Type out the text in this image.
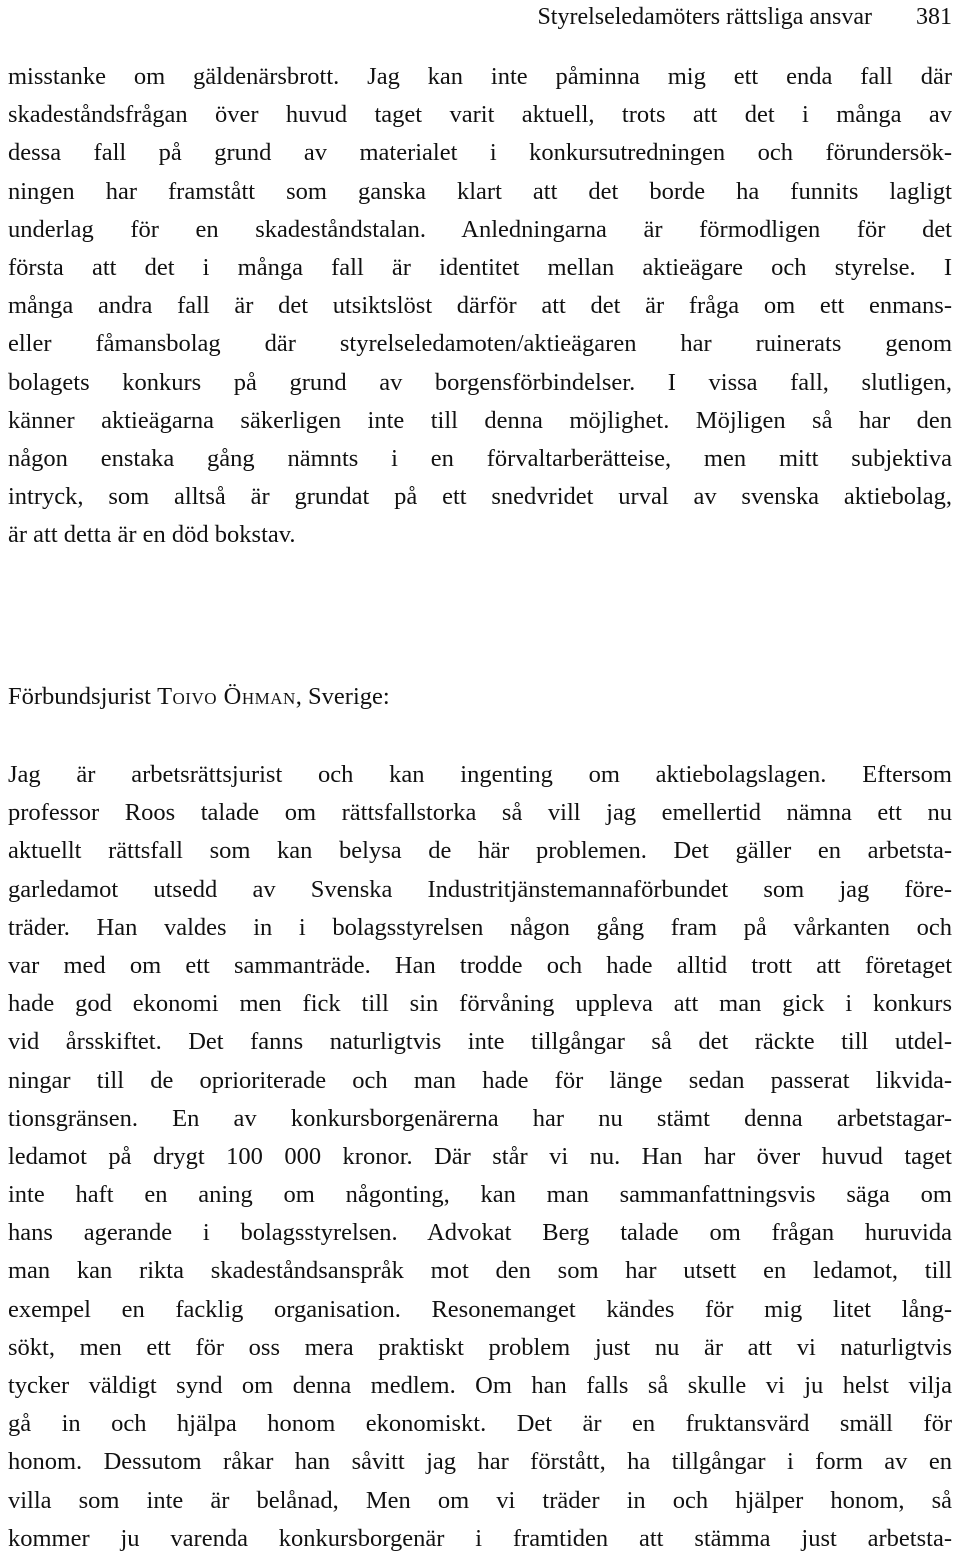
Styrelseledamöters rättsliga ansvar 381
misstanke om gäldenärsbrott. Jag kan inte påminna mig ett enda fall där
skadeståndsfrågan över huvud taget varit aktuell, trots att det i många av
dessa fall på grund av materialet i konkursutredningen och förundersök-
ningen har framstått som ganska klart att det borde ha funnits lagligt
underlag för en skadeståndstalan. Anledningarna är förmodligen för det
första att det i många fall är identitet mellan aktieägare och styrelse. I
många andra fall är det utsiktslöst därför att det är fråga om ett enmans-
eller fåmansbolag där styrelseledamoten/aktieägaren har ruinerats genom
bolagets konkurs på grund av borgensförbindelser. I vissa fall, slutligen,
känner aktieägarna säkerligen inte till denna möjlighet. Möjligen så har den
någon enstaka gång nämnts i en förvaltarberätteise, men mitt subjektiva
intryck, som alltså är grundat på ett snedvridet urval av svenska aktiebolag,
är att detta är en död bokstav.
Förbundsjurist Toivo Öhman, Sverige:
Jag är arbetsrättsjurist och kan ingenting om aktiebolagslagen. Eftersom
professor Roos talade om rättsfallstorka så vill jag emellertid nämna ett nu
aktuellt rättsfall som kan belysa de här problemen. Det gäller en arbetsta-
garledamot utsedd av Svenska Industritjänstemannaförbundet som jag före-
träder. Han valdes in i bolagsstyrelsen någon gång fram på vårkanten och
var med om ett sammanträde. Han trodde och hade alltid trott att företaget
hade god ekonomi men fick till sin förvåning uppleva att man gick i konkurs
vid årsskiftet. Det fanns naturligtvis inte tillgångar så det räckte till utdel-
ningar till de oprioriterade och man hade för länge sedan passerat likvida-
tionsgränsen. En av konkursborgenärerna har nu stämt denna arbetstagar-
ledamot på drygt 100 000 kronor. Där står vi nu. Han har över huvud taget
inte haft en aning om någonting, kan man sammanfattningsvis säga om
hans agerande i bolagsstyrelsen. Advokat Berg talade om frågan huruvida
man kan rikta skadeståndsanspråk mot den som har utsett en ledamot, till
exempel en facklig organisation. Resonemanget kändes för mig litet lång-
sökt, men ett för oss mera praktiskt problem just nu är att vi naturligtvis
tycker väldigt synd om denna medlem. Om han falls så skulle vi ju helst vilja
gå in och hjälpa honom ekonomiskt. Det är en fruktansvärd smäll för
honom. Dessutom råkar han såvitt jag har förstått, ha tillgångar i form av en
villa som inte är belånad, Men om vi träder in och hjälper honom, så
kommer ju varenda konkursborgenär i framtiden att stämma just arbetsta-
